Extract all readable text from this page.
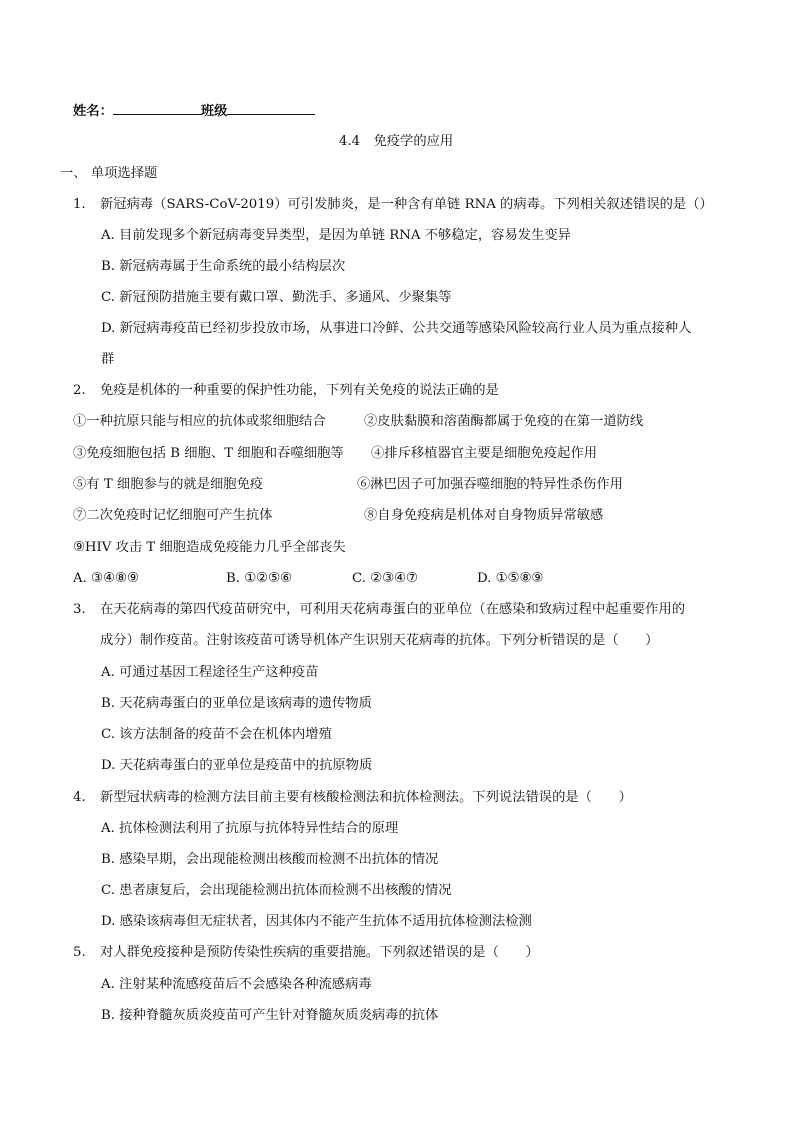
姓名：	班级
4.4　免疫学的应用
一、 单项选择题
1. 新冠病毒（SARS-CoV-2019）可引发肺炎，是一种含有单链 RNA 的病毒。下列相关叙述错误的是（）
A. 目前发现多个新冠病毒变异类型，是因为单链 RNA 不够稳定，容易发生变异
B. 新冠病毒属于生命系统的最小结构层次
C. 新冠预防措施主要有戴口罩、勤洗手、多通风、少聚集等
D. 新冠病毒疫苗已经初步投放市场，从事进口冷鲜、公共交通等感染风险较高行业人员为重点接种人
群
2. 免疫是机体的一种重要的保护性功能，下列有关免疫的说法正确的是
①一种抗原只能与相应的抗体或浆细胞结合	②皮肤黏膜和溶菌酶都属于免疫的在第一道防线
③免疫细胞包括 B 细胞、T 细胞和吞噬细胞等 ④排斥移植器官主要是细胞免疫起作用
⑤有 T 细胞参与的就是细胞免疫	⑥淋巴因子可加强吞噬细胞的特异性杀伤作用
⑦二次免疫时记忆细胞可产生抗体	⑧自身免疫病是机体对自身物质异常敏感
⑨HIV 攻击 T 细胞造成免疫能力几乎全部丧失
A. ③④⑧⑨	B. ①②⑤⑥	C. ②③④⑦	D. ①⑤⑧⑨
3. 在天花病毒的第四代疫苗研究中，可利用天花病毒蛋白的亚单位（在感染和致病过程中起重要作用的
成分）制作疫苗。注射该疫苗可诱导机体产生识别天花病毒的抗体。下列分析错误的是（　　）
A. 可通过基因工程途径生产这种疫苗
B. 天花病毒蛋白的亚单位是该病毒的遗传物质
C. 该方法制备的疫苗不会在机体内增殖
D. 天花病毒蛋白的亚单位是疫苗中的抗原物质
4. 新型冠状病毒的检测方法目前主要有核酸检测法和抗体检测法。下列说法错误的是（　　）
A. 抗体检测法利用了抗原与抗体特异性结合的原理
B. 感染早期，会出现能检测出核酸而检测不出抗体的情况
C. 患者康复后，会出现能检测出抗体而检测不出核酸的情况
D. 感染该病毒但无症状者，因其体内不能产生抗体不适用抗体检测法检测
5. 对人群免疫接种是预防传染性疾病的重要措施。下列叙述错误的是（　　）
A. 注射某种流感疫苗后不会感染各种流感病毒
B. 接种脊髓灰质炎疫苗可产生针对脊髓灰质炎病毒的抗体
